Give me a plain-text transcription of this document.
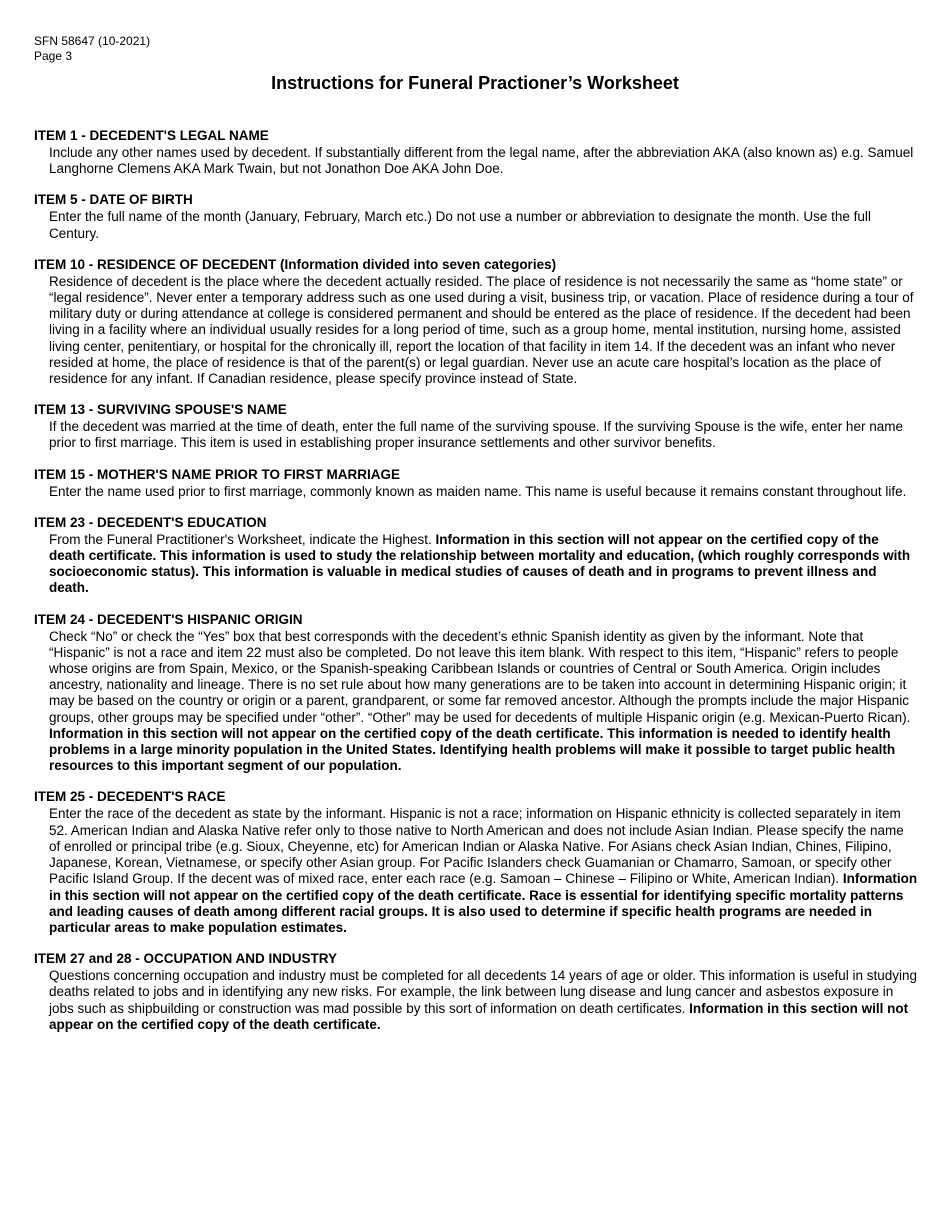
SFN 58647 (10-2021)
Page 3
Instructions for Funeral Practioner’s Worksheet
ITEM 1 - DECEDENT'S LEGAL NAME
Include any other names used by decedent. If substantially different from the legal name, after the abbreviation AKA (also known as) e.g. Samuel Langhorne Clemens AKA Mark Twain, but not Jonathon Doe AKA John Doe.
ITEM 5 - DATE OF BIRTH
Enter the full name of the month (January, February, March etc.) Do not use a number or abbreviation to designate the month. Use the full Century.
ITEM 10 - RESIDENCE OF DECEDENT (Information divided into seven categories)
Residence of decedent is the place where the decedent actually resided. The place of residence is not necessarily the same as “home state” or “legal residence”. Never enter a temporary address such as one used during a visit, business trip, or vacation. Place of residence during a tour of military duty or during attendance at college is considered permanent and should be entered as the place of residence. If the decedent had been living in a facility where an individual usually resides for a long period of time, such as a group home, mental institution, nursing home, assisted living center, penitentiary, or hospital for the chronically ill, report the location of that facility in item 14. If the decedent was an infant who never resided at home, the place of residence is that of the parent(s) or legal guardian. Never use an acute care hospital’s location as the place of residence for any infant. If Canadian residence, please specify province instead of State.
ITEM 13 - SURVIVING SPOUSE'S NAME
If the decedent was married at the time of death, enter the full name of the surviving spouse. If the surviving Spouse is the wife, enter her name prior to first marriage. This item is used in establishing proper insurance settlements and other survivor benefits.
ITEM 15 - MOTHER'S NAME PRIOR TO FIRST MARRIAGE
Enter the name used prior to first marriage, commonly known as maiden name. This name is useful because it remains constant throughout life.
ITEM 23 - DECEDENT'S EDUCATION
From the Funeral Practitioner's Worksheet, indicate the Highest. Information in this section will not appear on the certified copy of the death certificate. This information is used to study the relationship between mortality and education, (which roughly corresponds with socioeconomic status). This information is valuable in medical studies of causes of death and in programs to prevent illness and death.
ITEM 24 - DECEDENT'S HISPANIC ORIGIN
Check “No” or check the “Yes” box that best corresponds with the decedent’s ethnic Spanish identity as given by the informant. Note that “Hispanic” is not a race and item 22 must also be completed. Do not leave this item blank. With respect to this item, “Hispanic” refers to people whose origins are from Spain, Mexico, or the Spanish-speaking Caribbean Islands or countries of Central or South America. Origin includes ancestry, nationality and lineage. There is no set rule about how many generations are to be taken into account in determining Hispanic origin; it may be based on the country or origin or a parent, grandparent, or some far removed ancestor. Although the prompts include the major Hispanic groups, other groups may be specified under “other”. “Other” may be used for decedents of multiple Hispanic origin (e.g. Mexican-Puerto Rican). Information in this section will not appear on the certified copy of the death certificate. This information is needed to identify health problems in a large minority population in the United States. Identifying health problems will make it possible to target public health resources to this important segment of our population.
ITEM 25 - DECEDENT'S RACE
Enter the race of the decedent as state by the informant. Hispanic is not a race; information on Hispanic ethnicity is collected separately in item 52. American Indian and Alaska Native refer only to those native to North American and does not include Asian Indian. Please specify the name of enrolled or principal tribe (e.g. Sioux, Cheyenne, etc) for American Indian or Alaska Native. For Asians check Asian Indian, Chines, Filipino, Japanese, Korean, Vietnamese, or specify other Asian group. For Pacific Islanders check Guamanian or Chamarro, Samoan, or specify other Pacific Island Group. If the decent was of mixed race, enter each race (e.g. Samoan – Chinese – Filipino or White, American Indian). Information in this section will not appear on the certified copy of the death certificate. Race is essential for identifying specific mortality patterns and leading causes of death among different racial groups. It is also used to determine if specific health programs are needed in particular areas to make population estimates.
ITEM 27 and 28 - OCCUPATION AND INDUSTRY
Questions concerning occupation and industry must be completed for all decedents 14 years of age or older. This information is useful in studying deaths related to jobs and in identifying any new risks. For example, the link between lung disease and lung cancer and asbestos exposure in jobs such as shipbuilding or construction was mad possible by this sort of information on death certificates. Information in this section will not appear on the certified copy of the death certificate.
